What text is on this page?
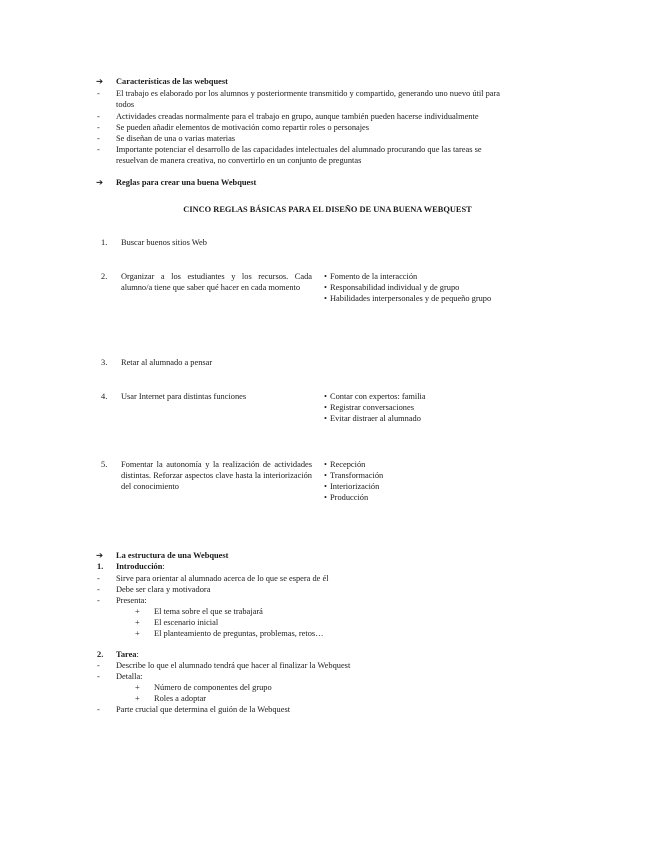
➔ Características de las webquest
- El trabajo es elaborado por los alumnos y posteriormente transmitido y compartido, generando uno nuevo útil para
todos
- Actividades creadas normalmente para el trabajo en grupo, aunque también pueden hacerse individualmente
- Se pueden añadir elementos de motivación como repartir roles o personajes
- Se diseñan de una o varias materias
- Importante potenciar el desarrollo de las capacidades intelectuales del alumnado procurando que las tareas se
resuelvan de manera creativa, no convertirlo en un conjunto de preguntas
➔ Reglas para crear una buena Webquest
CINCO REGLAS BÁSICAS PARA EL DISEÑO DE UNA BUENA WEBQUEST
1. Buscar buenos sitios Web
2. Organizar a los estudiantes y los recursos. Cada alumno/a tiene que saber qué hacer en cada momento
• Fomento de la interacción
• Responsabilidad individual y de grupo
• Habilidades interpersonales y de pequeño grupo
3. Retar al alumnado a pensar
4. Usar Internet para distintas funciones	• Contar con expertos: familia
• Registrar conversaciones
• Evitar distraer al alumnado
5. Fomentar la autonomía y la realización de actividades distintas. Reforzar aspectos clave hasta la interiorización del conocimiento
• Recepción
• Transformación
• Interiorización
• Producción
➔ La estructura de una Webquest
1. Introducción:
- Sirve para orientar al alumnado acerca de lo que se espera de él
- Debe ser clara y motivadora
- Presenta:
+ El tema sobre el que se trabajará
+ El escenario inicial
+ El planteamiento de preguntas, problemas, retos…
2. Tarea:
- Describe lo que el alumnado tendrá que hacer al finalizar la Webquest
- Detalla:
+ Número de componentes del grupo
+ Roles a adoptar
- Parte crucial que determina el guión de la Webquest
